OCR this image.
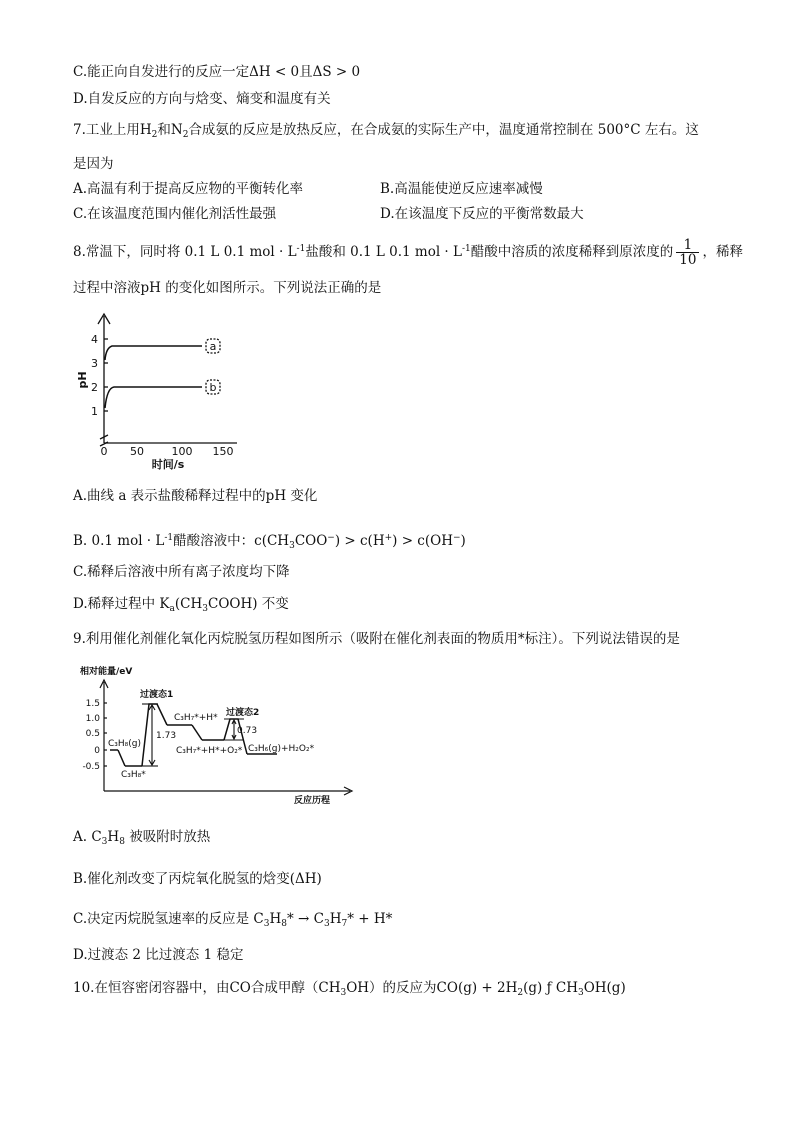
C.能正向自发进行的反应一定ΔH < 0且ΔS > 0
D.自发反应的方向与焓变、熵变和温度有关
7.工业上用$H_2$和$N_2$合成氨的反应是放热反应，在合成氨的实际生产中，温度通常控制在 500°C 左右。这
是因为
A.高温有利于提高反应物的平衡转化率	B.高温能使逆反应速率减慢
C.在该温度范围内催化剂活性最强	D.在该温度下反应的平衡常数最大
8.常温下，同时将 0.1 L 0.1 mol · $L^{-1}$盐酸和 0.1 L 0.1 mol · $L^{-1}$醋酸中溶质的浓度稀释到原浓度的 $\frac{1}{10}$ ，稀释
过程中溶液pH 的变化如图所示。下列说法正确的是
a
b
1
2
3
4
0 50	100 150
时间/s
pH
A.曲线 a 表示盐酸稀释过程中的pH 变化
B. 0.1 mol · $L^{-1}$醋酸溶液中：$c(CH_3COO^-) > c(H^+) > c(OH^-)$
C.稀释后溶液中所有离子浓度均下降
D.稀释过程中 $K_a(CH_3COOH)$ 不变
9.利用催化剂催化氧化丙烷脱氢历程如图所示（吸附在催化剂表面的物质用*标注）。下列说法错误的是
相对能量/eV
1.5
1.0
0.5
0
-0.5
过渡态1
过渡态2
C₃H₈(g)
C₃H₈*
C₃H₇*+H*
C₃H₇*+H*+O₂* C₃H₆(g)+H₂O₂*
1.73	0.73
反应历程
A. $C_3H_8$ 被吸附时放热
B.催化剂改变了丙烷氧化脱氢的焓变(ΔH)
C.决定丙烷脱氢速率的反应是 $C_3H_8* \to C_3H_7* + H*$
D.过渡态 2 比过渡态 1 稳定
10.在恒容密闭容器中，由CO合成甲醇$(CH_3OH)$的反应为$CO(g) + 2H_2(g)$ ƒ $CH_3OH(g)$
